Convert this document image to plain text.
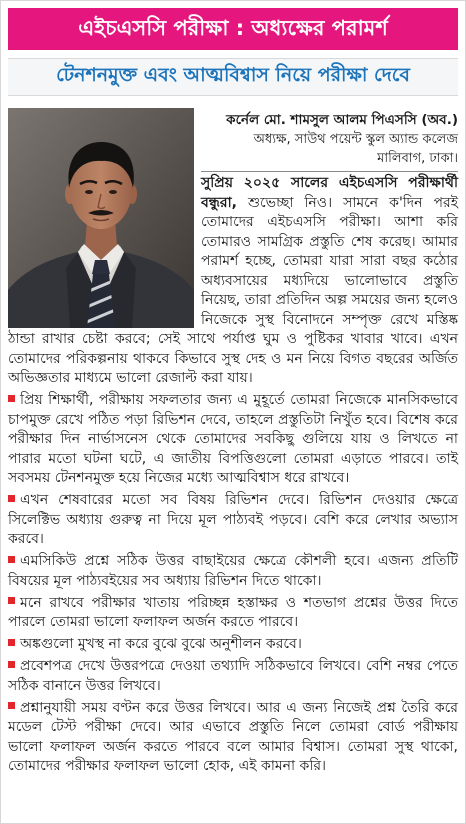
এইচএসসি পরীক্ষা : অধ্যক্ষের পরামর্শ
টেনশনমুক্ত এবং আত্মবিশ্বাস নিয়ে পরীক্ষা দেবে
কর্নেল মো. শামসুল আলম পিএসসি (অব.)
অধ্যক্ষ, সাউথ পয়েন্ট স্কুল অ্যান্ড কলেজ
মালিবাগ, ঢাকা।

সুপ্রিয় ২০২৫ সালের এইচএসসি পরীক্ষার্থী বন্ধুরা, শুভেচ্ছা নিও। সামনে ক'দিন পরই তোমাদের এইচএসসি পরীক্ষা। আশা করি তোমারও সামগ্রিক প্রস্তুতি শেষ করেছ। আমার পরামর্শ হচ্ছে, তোমরা যারা সারা বছর কঠোর অধ্যবসায়ের মধ্যদিয়ে ভালোভাবে প্রস্তুতি নিয়েছ, তারা প্রতিদিন অল্প সময়ের জন্য হলেও নিজেকে সুস্থ বিনোদনে সম্পৃক্ত রেখে মস্তিষ্ক ঠান্ডা রাখার চেষ্টা করবে; সেই সাথে পর্যাপ্ত ঘুম ও পুষ্টিকর খাবার খাবে। এখন তোমাদের পরিকল্পনায় থাকবে কিভাবে সুস্থ দেহ ও মন নিয়ে বিগত বছরের অর্জিত অভিজ্ঞতার মাধ্যমে ভালো রেজাল্ট করা যায়।

প্রিয় শিক্ষার্থী, পরীক্ষায় সফলতার জন্য এ মুহূর্তে তোমরা নিজেকে মানসিকভাবে চাপমুক্ত রেখে পঠিত পড়া রিভিশন দেবে, তাহলে প্রস্তুতিটা নিখুঁত হবে। বিশেষ করে পরীক্ষার দিন নার্ভাসনেস থেকে তোমাদের সবকিছু গুলিয়ে যায় ও লিখতে না পারার মতো ঘটনা ঘটে, এ জাতীয় বিপত্তিগুলো তোমরা এড়াতে পারবে। তাই সবসময় টেনশনমুক্ত হয়ে নিজের মধ্যে আত্মবিশ্বাস ধরে রাখবে।

এখন শেষবারের মতো সব বিষয় রিভিশন দেবে। রিভিশন দেওয়ার ক্ষেত্রে সিলেক্টিভ অধ্যায় গুরুত্ব না দিয়ে মূল পাঠ্যবই পড়বে। বেশি করে লেখার অভ্যাস করবে।

এমসিকিউ প্রশ্নে সঠিক উত্তর বাছাইয়ের ক্ষেত্রে কৌশলী হবে। এজন্য প্রতিটি বিষয়ের মূল পাঠ্যবইয়ের সব অধ্যায় রিভিশন দিতে থাকো।

মনে রাখবে পরীক্ষার খাতায় পরিচ্ছন্ন হস্তাক্ষর ও শতভাগ প্রশ্নের উত্তর দিতে পারলে তোমরা ভালো ফলাফল অর্জন করতে পারবে।

অঙ্কগুলো মুখস্থ না করে বুঝে বুঝে অনুশীলন করবে।

প্রবেশপত্র দেখে উত্তরপত্রে দেওয়া তথ্যাদি সঠিকভাবে লিখবে। বেশি নম্বর পেতে সঠিক বানানে উত্তর লিখবে।

প্রশ্নানুযায়ী সময় বণ্টন করে উত্তর লিখবে। আর এ জন্য নিজেই প্রশ্ন তৈরি করে মডেল টেস্ট পরীক্ষা দেবে। আর এভাবে প্রস্তুতি নিলে তোমরা বোর্ড পরীক্ষায় ভালো ফলাফল অর্জন করতে পারবে বলে আমার বিশ্বাস। তোমরা সুস্থ থাকো, তোমাদের পরীক্ষার ফলাফল ভালো হোক, এই কামনা করি।
